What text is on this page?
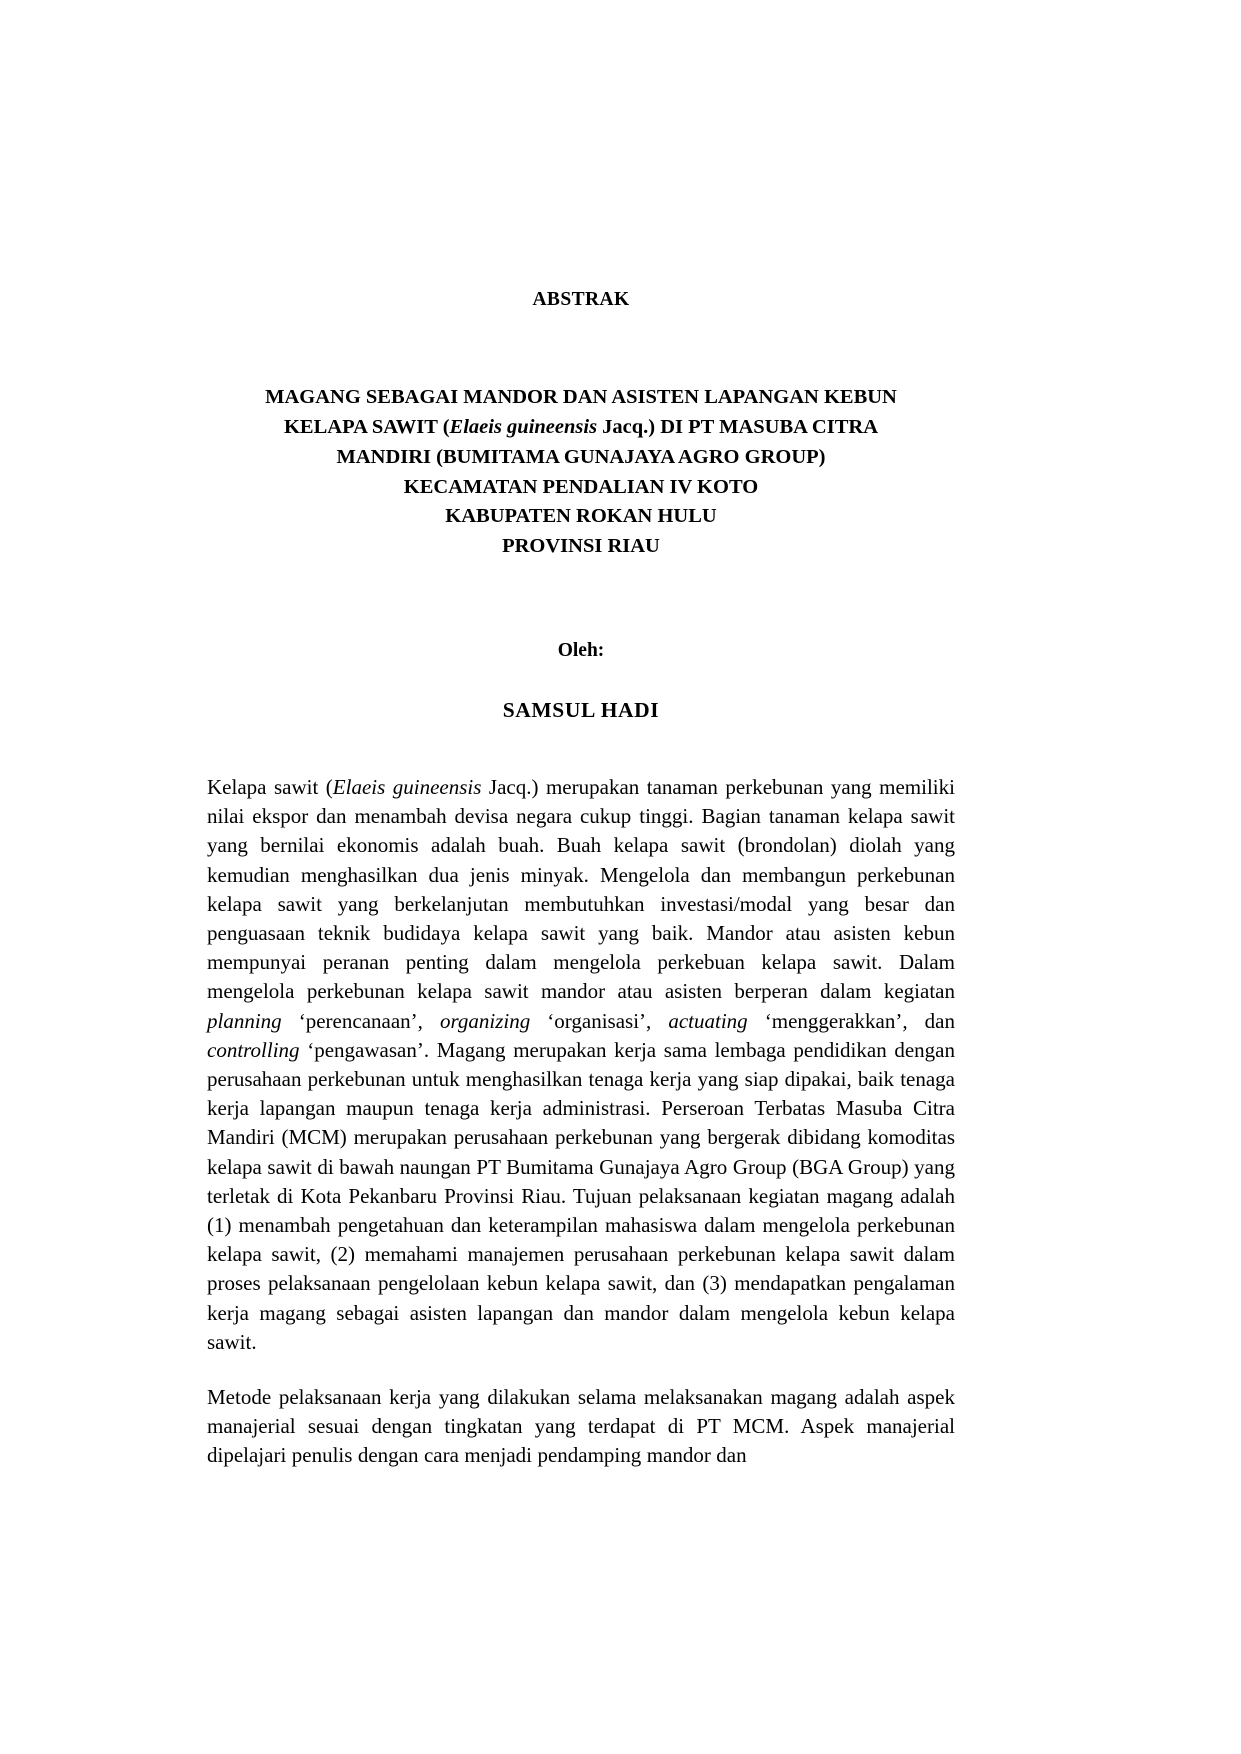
ABSTRAK
MAGANG SEBAGAI MANDOR DAN ASISTEN LAPANGAN KEBUN
KELAPA SAWIT (Elaeis guineensis Jacq.) DI PT MASUBA CITRA
MANDIRI (BUMITAMA GUNAJAYA AGRO GROUP)
KECAMATAN PENDALIAN IV KOTO
KABUPATEN ROKAN HULU
PROVINSI RIAU
Oleh:
SAMSUL HADI

Kelapa sawit (Elaeis guineensis Jacq.) merupakan tanaman perkebunan yang memiliki nilai ekspor dan menambah devisa negara cukup tinggi. Bagian tanaman kelapa sawit yang bernilai ekonomis adalah buah. Buah kelapa sawit (brondolan) diolah yang kemudian menghasilkan dua jenis minyak. Mengelola dan membangun perkebunan kelapa sawit yang berkelanjutan membutuhkan investasi/modal yang besar dan penguasaan teknik budidaya kelapa sawit yang baik. Mandor atau asisten kebun mempunyai peranan penting dalam mengelola perkebuan kelapa sawit. Dalam mengelola perkebunan kelapa sawit mandor atau asisten berperan dalam kegiatan planning ‘perencanaan’, organizing ‘organisasi’, actuating ‘menggerakkan’, dan controlling ‘pengawasan’. Magang merupakan kerja sama lembaga pendidikan dengan perusahaan perkebunan untuk menghasilkan tenaga kerja yang siap dipakai, baik tenaga kerja lapangan maupun tenaga kerja administrasi. Perseroan Terbatas Masuba Citra Mandiri (MCM) merupakan perusahaan perkebunan yang bergerak dibidang komoditas kelapa sawit di bawah naungan PT Bumitama Gunajaya Agro Group (BGA Group) yang terletak di Kota Pekanbaru Provinsi Riau. Tujuan pelaksanaan kegiatan magang adalah (1) menambah pengetahuan dan keterampilan mahasiswa dalam mengelola perkebunan kelapa sawit, (2) memahami manajemen perusahaan perkebunan kelapa sawit dalam proses pelaksanaan pengelolaan kebun kelapa sawit, dan (3) mendapatkan pengalaman kerja magang sebagai asisten lapangan dan mandor dalam mengelola kebun kelapa sawit.

Metode pelaksanaan kerja yang dilakukan selama melaksanakan magang adalah aspek manajerial sesuai dengan tingkatan yang terdapat di PT MCM. Aspek manajerial dipelajari penulis dengan cara menjadi pendamping mandor dan
